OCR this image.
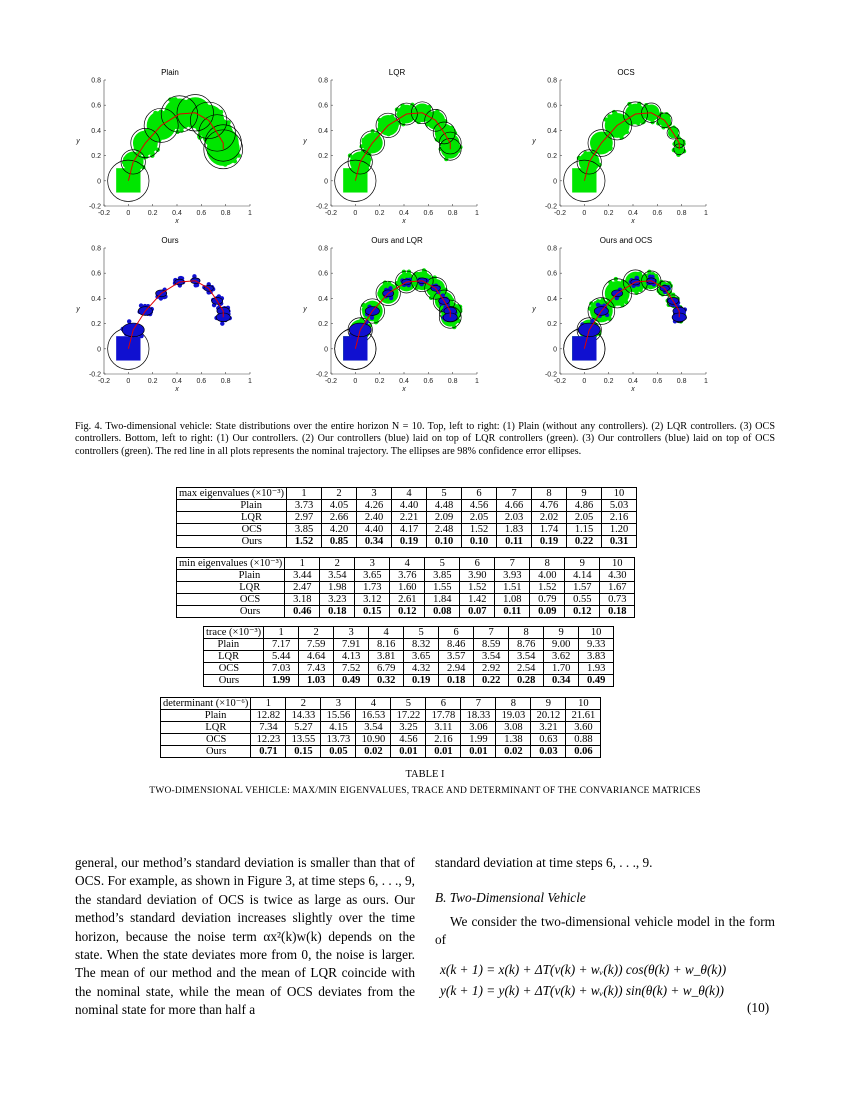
Plain
-0.2 0	0.2 0.4 0.6 0.8	1
-0.2
0
0.2
0.4
0.6
0.8
x
y
LQR
-0.2 0	0.2 0.4 0.6 0.8	1
-0.2
0
0.2
0.4
0.6
0.8
x
y
OCS
-0.2 0	0.2 0.4 0.6 0.8	1
-0.2
0
0.2
0.4
0.6
0.8
x
y
Ours
-0.2 0	0.2 0.4 0.6 0.8	1
-0.2
0
0.2
0.4
0.6
0.8
x
y
Ours and LQR
-0.2 0	0.2 0.4 0.6 0.8	1
-0.2
0
0.2
0.4
0.6
0.8
x
y
Ours and OCS
-0.2 0	0.2 0.4 0.6 0.8	1
-0.2
0
0.2
0.4
0.6
0.8
x
y
Fig. 4. Two-dimensional vehicle: State distributions over the entire horizon N = 10. Top, left to right: (1) Plain (without any controllers). (2) LQR controllers. (3) OCS controllers. Bottom, left to right: (1) Our controllers. (2) Our controllers (blue) laid on top of LQR controllers (green). (3) Our controllers (blue) laid on top of OCS controllers (green). The red line in all plots represents the nominal trajectory. The ellipses are 98% confidence error ellipses.
max eigenvalues (×10⁻³)	1	2	3	4	5	6	7	8	9	10
Plain	3.73	4.05	4.26	4.40	4.48	4.56	4.66	4.76	4.86	5.03
LQR	2.97	2.66	2.40	2.21	2.09	2.05	2.03	2.02	2.05	2.16
OCS	3.85	4.20	4.40	4.17	2.48	1.52	1.83	1.74	1.15	1.20
Ours	1.52	0.85	0.34	0.19	0.10	0.10	0.11	0.19	0.22	0.31
min eigenvalues (×10⁻³)	1	2	3	4	5	6	7	8	9	10
Plain	3.44	3.54	3.65	3.76	3.85	3.90	3.93	4.00	4.14	4.30
LQR	2.47	1.98	1.73	1.60	1.55	1.52	1.51	1.52	1.57	1.67
OCS	3.18	3.23	3.12	2.61	1.84	1.42	1.08	0.79	0.55	0.73
Ours	0.46	0.18	0.15	0.12	0.08	0.07	0.11	0.09	0.12	0.18
trace (×10⁻³)	1	2	3	4	5	6	7	8	9	10
Plain	7.17	7.59	7.91	8.16	8.32	8.46	8.59	8.76	9.00	9.33
LQR	5.44	4.64	4.13	3.81	3.65	3.57	3.54	3.54	3.62	3.83
OCS	7.03	7.43	7.52	6.79	4.32	2.94	2.92	2.54	1.70	1.93
Ours	1.99	1.03	0.49	0.32	0.19	0.18	0.22	0.28	0.34	0.49
determinant (×10⁻⁶)	1	2	3	4	5	6	7	8	9	10
Plain	12.82	14.33	15.56	16.53	17.22	17.78	18.33	19.03	20.12	21.61
LQR	7.34	5.27	4.15	3.54	3.25	3.11	3.06	3.08	3.21	3.60
OCS	12.23	13.55	13.73	10.90	4.56	2.16	1.99	1.38	0.63	0.88
Ours	0.71	0.15	0.05	0.02	0.01	0.01	0.01	0.02	0.03	0.06
TABLE I
TWO-DIMENSIONAL VEHICLE: MAX/MIN EIGENVALUES, TRACE AND DETERMINANT OF THE CONVARIANCE MATRICES
general, our method’s standard deviation is smaller than that of OCS. For example, as shown in Figure 3, at time steps 6, . . ., 9, the standard deviation of OCS is twice as large as ours. Our method’s standard deviation increases slightly over the time horizon, because the noise term αx²(k)w(k) depends on the state. When the state deviates more from 0, the noise is larger. The mean of our method and the mean of LQR coincide with the nominal state, while the mean of OCS deviates from the nominal state for more than half a
standard deviation at time steps 6, . . ., 9.
B. Two-Dimensional Vehicle
We consider the two-dimensional vehicle model in the form of
x(k + 1) = x(k) + ΔT(v(k) + wᵥ(k)) cos(θ(k) + w_θ(k))
y(k + 1) = y(k) + ΔT(v(k) + wᵥ(k)) sin(θ(k) + w_θ(k))
(10)
